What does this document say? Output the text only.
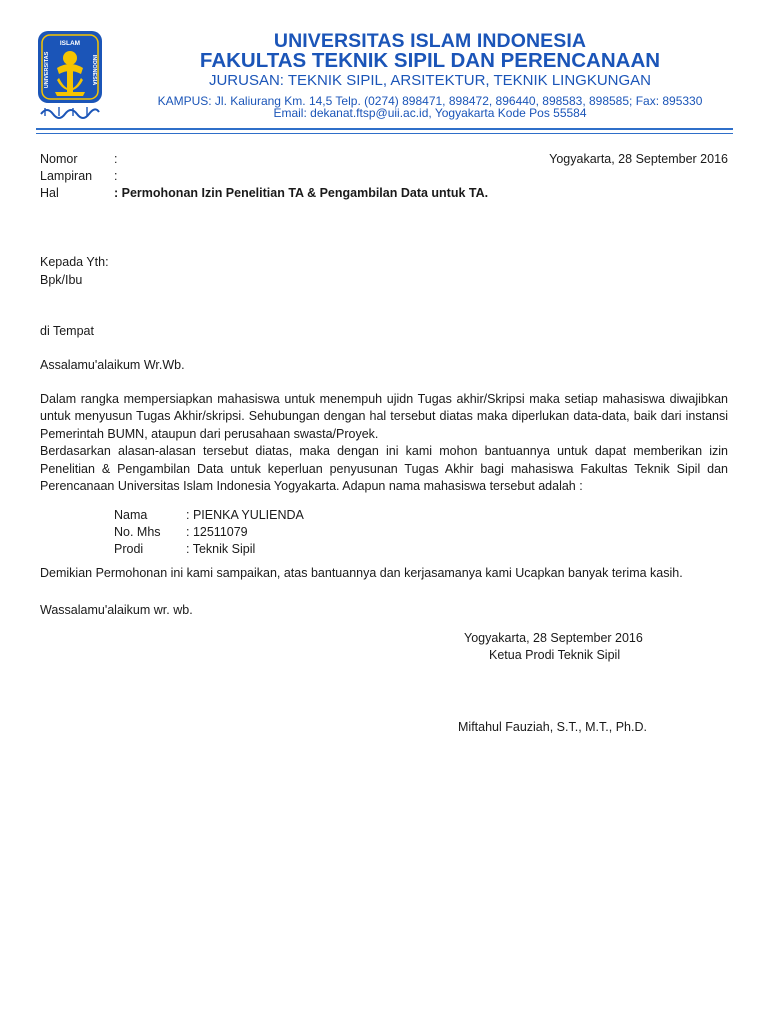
ISLAM
UNIVERSITAS	INDONESIA
UNIVERSITAS ISLAM INDONESIA
FAKULTAS TEKNIK SIPIL DAN PERENCANAAN
JURUSAN: TEKNIK SIPIL, ARSITEKTUR, TEKNIK LINGKUNGAN
KAMPUS: Jl. Kaliurang Km. 14,5 Telp. (0274) 898471, 898472, 896440, 898583, 898585; Fax: 895330
Email: dekanat.ftsp@uii.ac.id, Yogyakarta Kode Pos 55584
Nomor	:
Lampiran :
Hal	: Permohonan Izin Penelitian TA & Pengambilan Data untuk TA.
Yogyakarta, 28 September 2016
Kepada Yth:
Bpk/Ibu
di Tempat
Assalamu'alaikum Wr.Wb.

Dalam rangka mempersiapkan mahasiswa untuk menempuh ujidn Tugas akhir/Skripsi maka setiap mahasiswa diwajibkan untuk menyusun Tugas Akhir/skripsi. Sehubungan dengan hal tersebut diatas maka diperlukan data-data, baik dari instansi Pemerintah BUMN, ataupun dari perusahaan swasta/Proyek.

Berdasarkan alasan-alasan tersebut diatas, maka dengan ini kami mohon bantuannya untuk dapat memberikan izin Penelitian & Pengambilan Data untuk keperluan penyusunan Tugas Akhir bagi mahasiswa Fakultas Teknik Sipil dan Perencanaan Universitas Islam Indonesia Yogyakarta. Adapun nama mahasiswa tersebut adalah :

Nama	: PIENKA YULIENDA
No. Mhs : 12511079
Prodi	: Teknik Sipil
Demikian Permohonan ini kami sampaikan, atas bantuannya dan kerjasamanya kami Ucapkan banyak terima kasih.
Wassalamu'alaikum wr. wb.
Yogyakarta, 28 September 2016
Ketua Prodi Teknik Sipil
Miftahul Fauziah, S.T., M.T., Ph.D.
